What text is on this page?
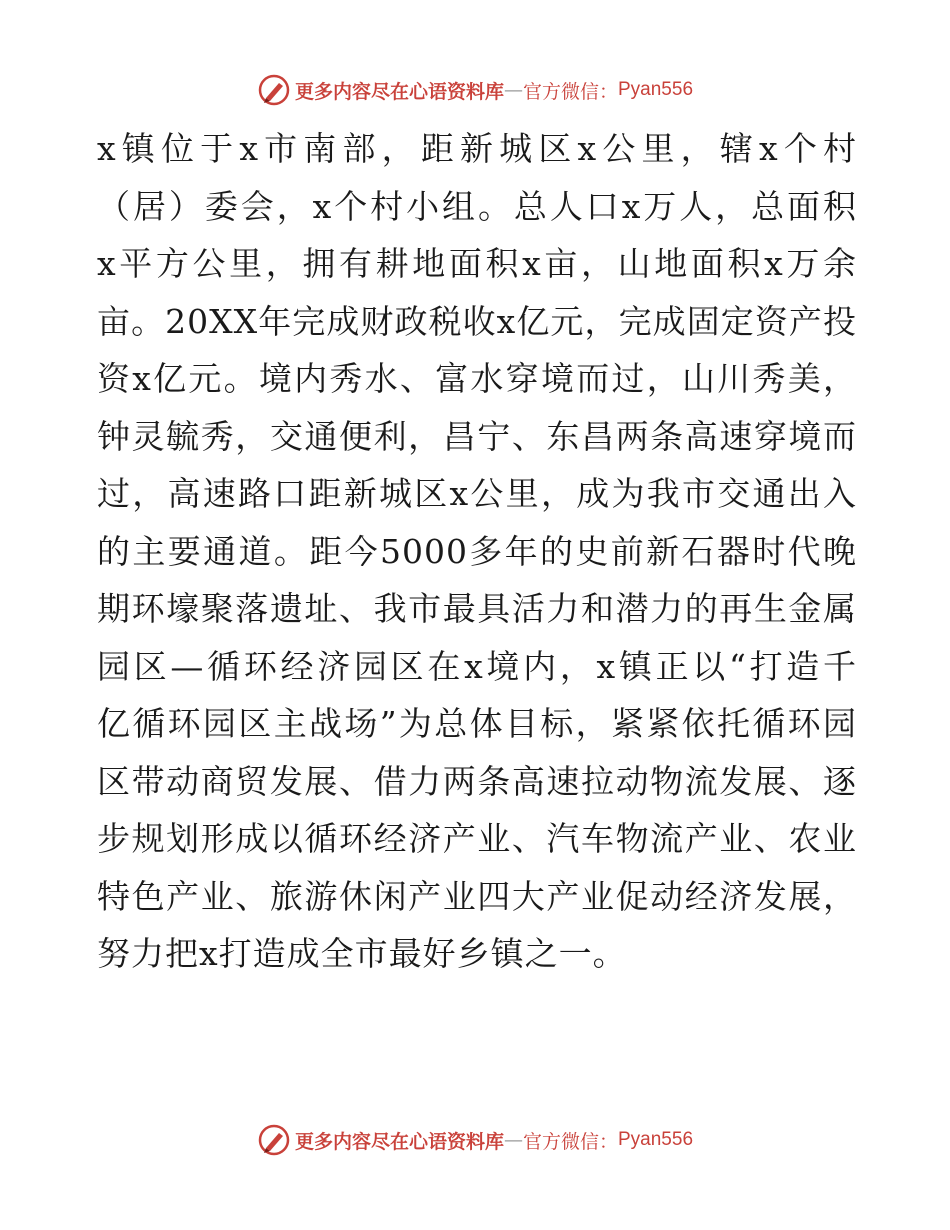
更多内容尽在心语资料库 — 官方微信： Pyan556
x镇位于x市南部，距新城区x公里，辖x个村
（居）委会，x个村小组。总人口x万人，总面积
x平方公里，拥有耕地面积x亩，山地面积x万余
亩。20XX年完成财政税收x亿元，完成固定资产投
资x亿元。境内秀水、富水穿境而过，山川秀美，
钟灵毓秀，交通便利，昌宁、东昌两条高速穿境而
过，高速路口距新城区x公里，成为我市交通出入
的主要通道。距今5000多年的史前新石器时代晚
期环壕聚落遗址、我市最具活力和潜力的再生金属
园区—循环经济园区在x境内，x镇正以“打造千
亿循环园区主战场”为总体目标，紧紧依托循环园
区带动商贸发展、借力两条高速拉动物流发展、逐
步规划形成以循环经济产业、汽车物流产业、农业
特色产业、旅游休闲产业四大产业促动经济发展，
努力把x打造成全市最好乡镇之一。
更多内容尽在心语资料库 — 官方微信： Pyan556
